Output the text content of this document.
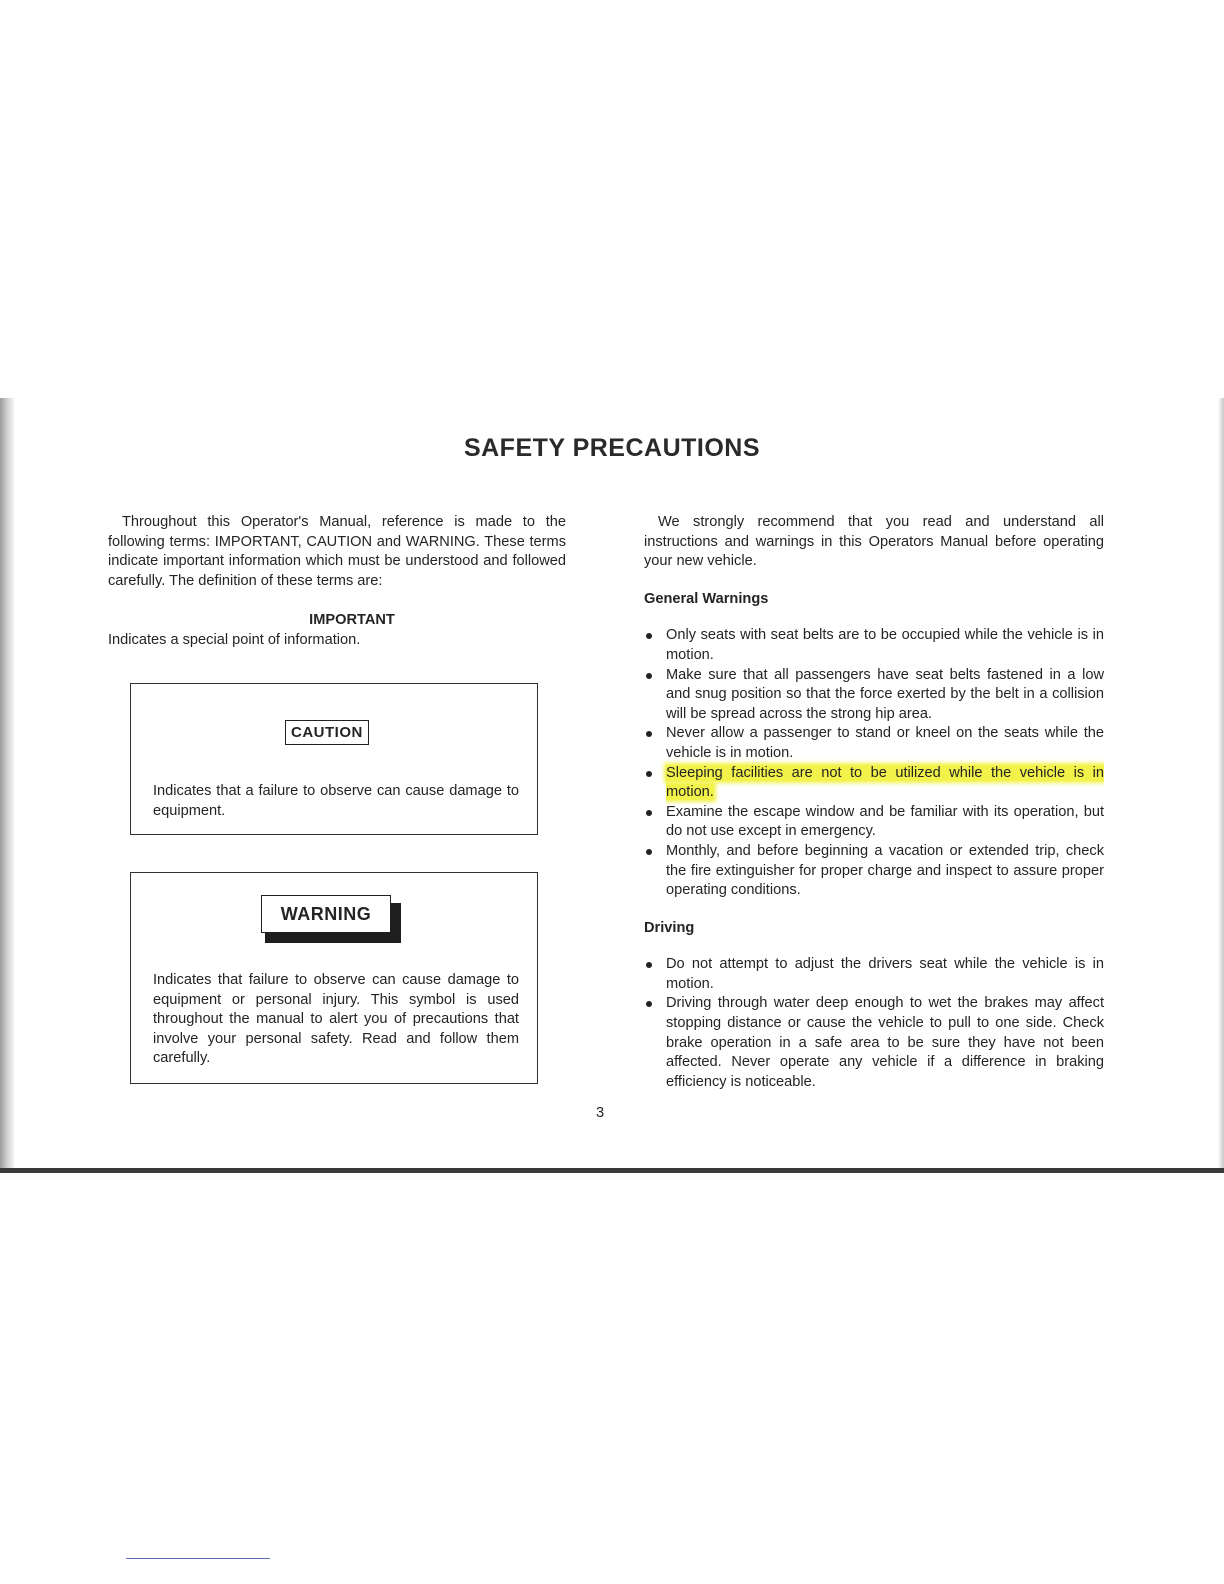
SAFETY PRECAUTIONS

Throughout this Operator's Manual, reference is made to the following terms: IMPORTANT, CAUTION and WARNING. These terms indicate important information which must be understood and followed carefully. The definition of these terms are:

IMPORTANT
Indicates a special point of information.
CAUTION
Indicates that a failure to observe can cause damage to equipment.
WARNING
Indicates that failure to observe can cause damage to equipment or personal injury. This symbol is used throughout the manual to alert you of precautions that involve your personal safety. Read and follow them carefully.

We strongly recommend that you read and understand all instructions and warnings in this Operators Manual before operating your new vehicle.

General Warnings
Only seats with seat belts are to be occupied while the vehicle is in motion.
Make sure that all passengers have seat belts fastened in a low and snug position so that the force exerted by the belt in a collision will be spread across the strong hip area.
Never allow a passenger to stand or kneel on the seats while the vehicle is in motion.
Sleeping facilities are not to be utilized while the vehicle is in motion.
Examine the escape window and be familiar with its operation, but do not use except in emergency.
Monthly, and before beginning a vacation or extended trip, check the fire extinguisher for proper charge and inspect to assure proper operating conditions.
Driving
Do not attempt to adjust the drivers seat while the vehicle is in motion.
Driving through water deep enough to wet the brakes may affect stopping distance or cause the vehicle to pull to one side. Check brake operation in a safe area to be sure they have not been affected. Never operate any vehicle if a difference in braking efficiency is noticeable.
3
